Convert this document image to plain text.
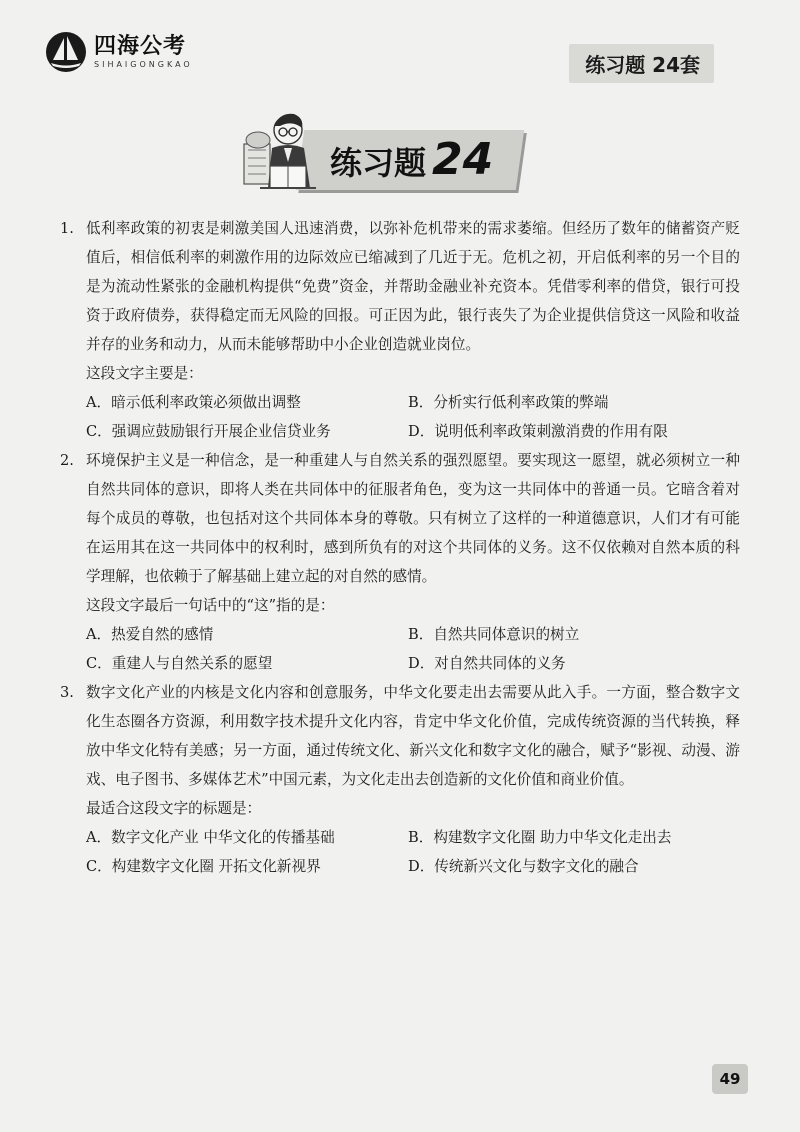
四海公考
SIHAIGONGKAO	练习题 24套
练习题 24
1. 低利率政策的初衷是刺激美国人迅速消费，以弥补危机带来的需求萎缩。但经历了数年的储蓄资产贬值后，相信低利率的刺激作用的边际效应已缩减到了几近于无。危机之初，开启低利率的另一个目的是为流动性紧张的金融机构提供“免费”资金，并帮助金融业补充资本。凭借零利率的借贷，银行可投资于政府债券，获得稳定而无风险的回报。可正因为此，银行丧失了为企业提供信贷这一风险和收益并存的业务和动力，从而未能够帮助中小企业创造就业岗位。
这段文字主要是：
A．暗示低利率政策必须做出调整	B．分析实行低利率政策的弊端
C．强调应鼓励银行开展企业信贷业务	D．说明低利率政策刺激消费的作用有限
2. 环境保护主义是一种信念，是一种重建人与自然关系的强烈愿望。要实现这一愿望，就必须树立一种自然共同体的意识，即将人类在共同体中的征服者角色，变为这一共同体中的普通一员。它暗含着对每个成员的尊敬，也包括对这个共同体本身的尊敬。只有树立了这样的一种道德意识，人们才有可能在运用其在这一共同体中的权利时，感到所负有的对这个共同体的义务。这不仅依赖对自然本质的科学理解，也依赖于了解基础上建立起的对自然的感情。
这段文字最后一句话中的“这”指的是：
A．热爱自然的感情	B．自然共同体意识的树立
C．重建人与自然关系的愿望	D．对自然共同体的义务
3. 数字文化产业的内核是文化内容和创意服务，中华文化要走出去需要从此入手。一方面，整合数字文化生态圈各方资源，利用数字技术提升文化内容，肯定中华文化价值，完成传统资源的当代转换，释放中华文化特有美感；另一方面，通过传统文化、新兴文化和数字文化的融合，赋予“影视、动漫、游戏、电子图书、多媒体艺术”中国元素，为文化走出去创造新的文化价值和商业价值。
最适合这段文字的标题是：
A．数字文化产业 中华文化的传播基础	B．构建数字文化圈 助力中华文化走出去
C．构建数字文化圈 开拓文化新视界	D．传统新兴文化与数字文化的融合
49
